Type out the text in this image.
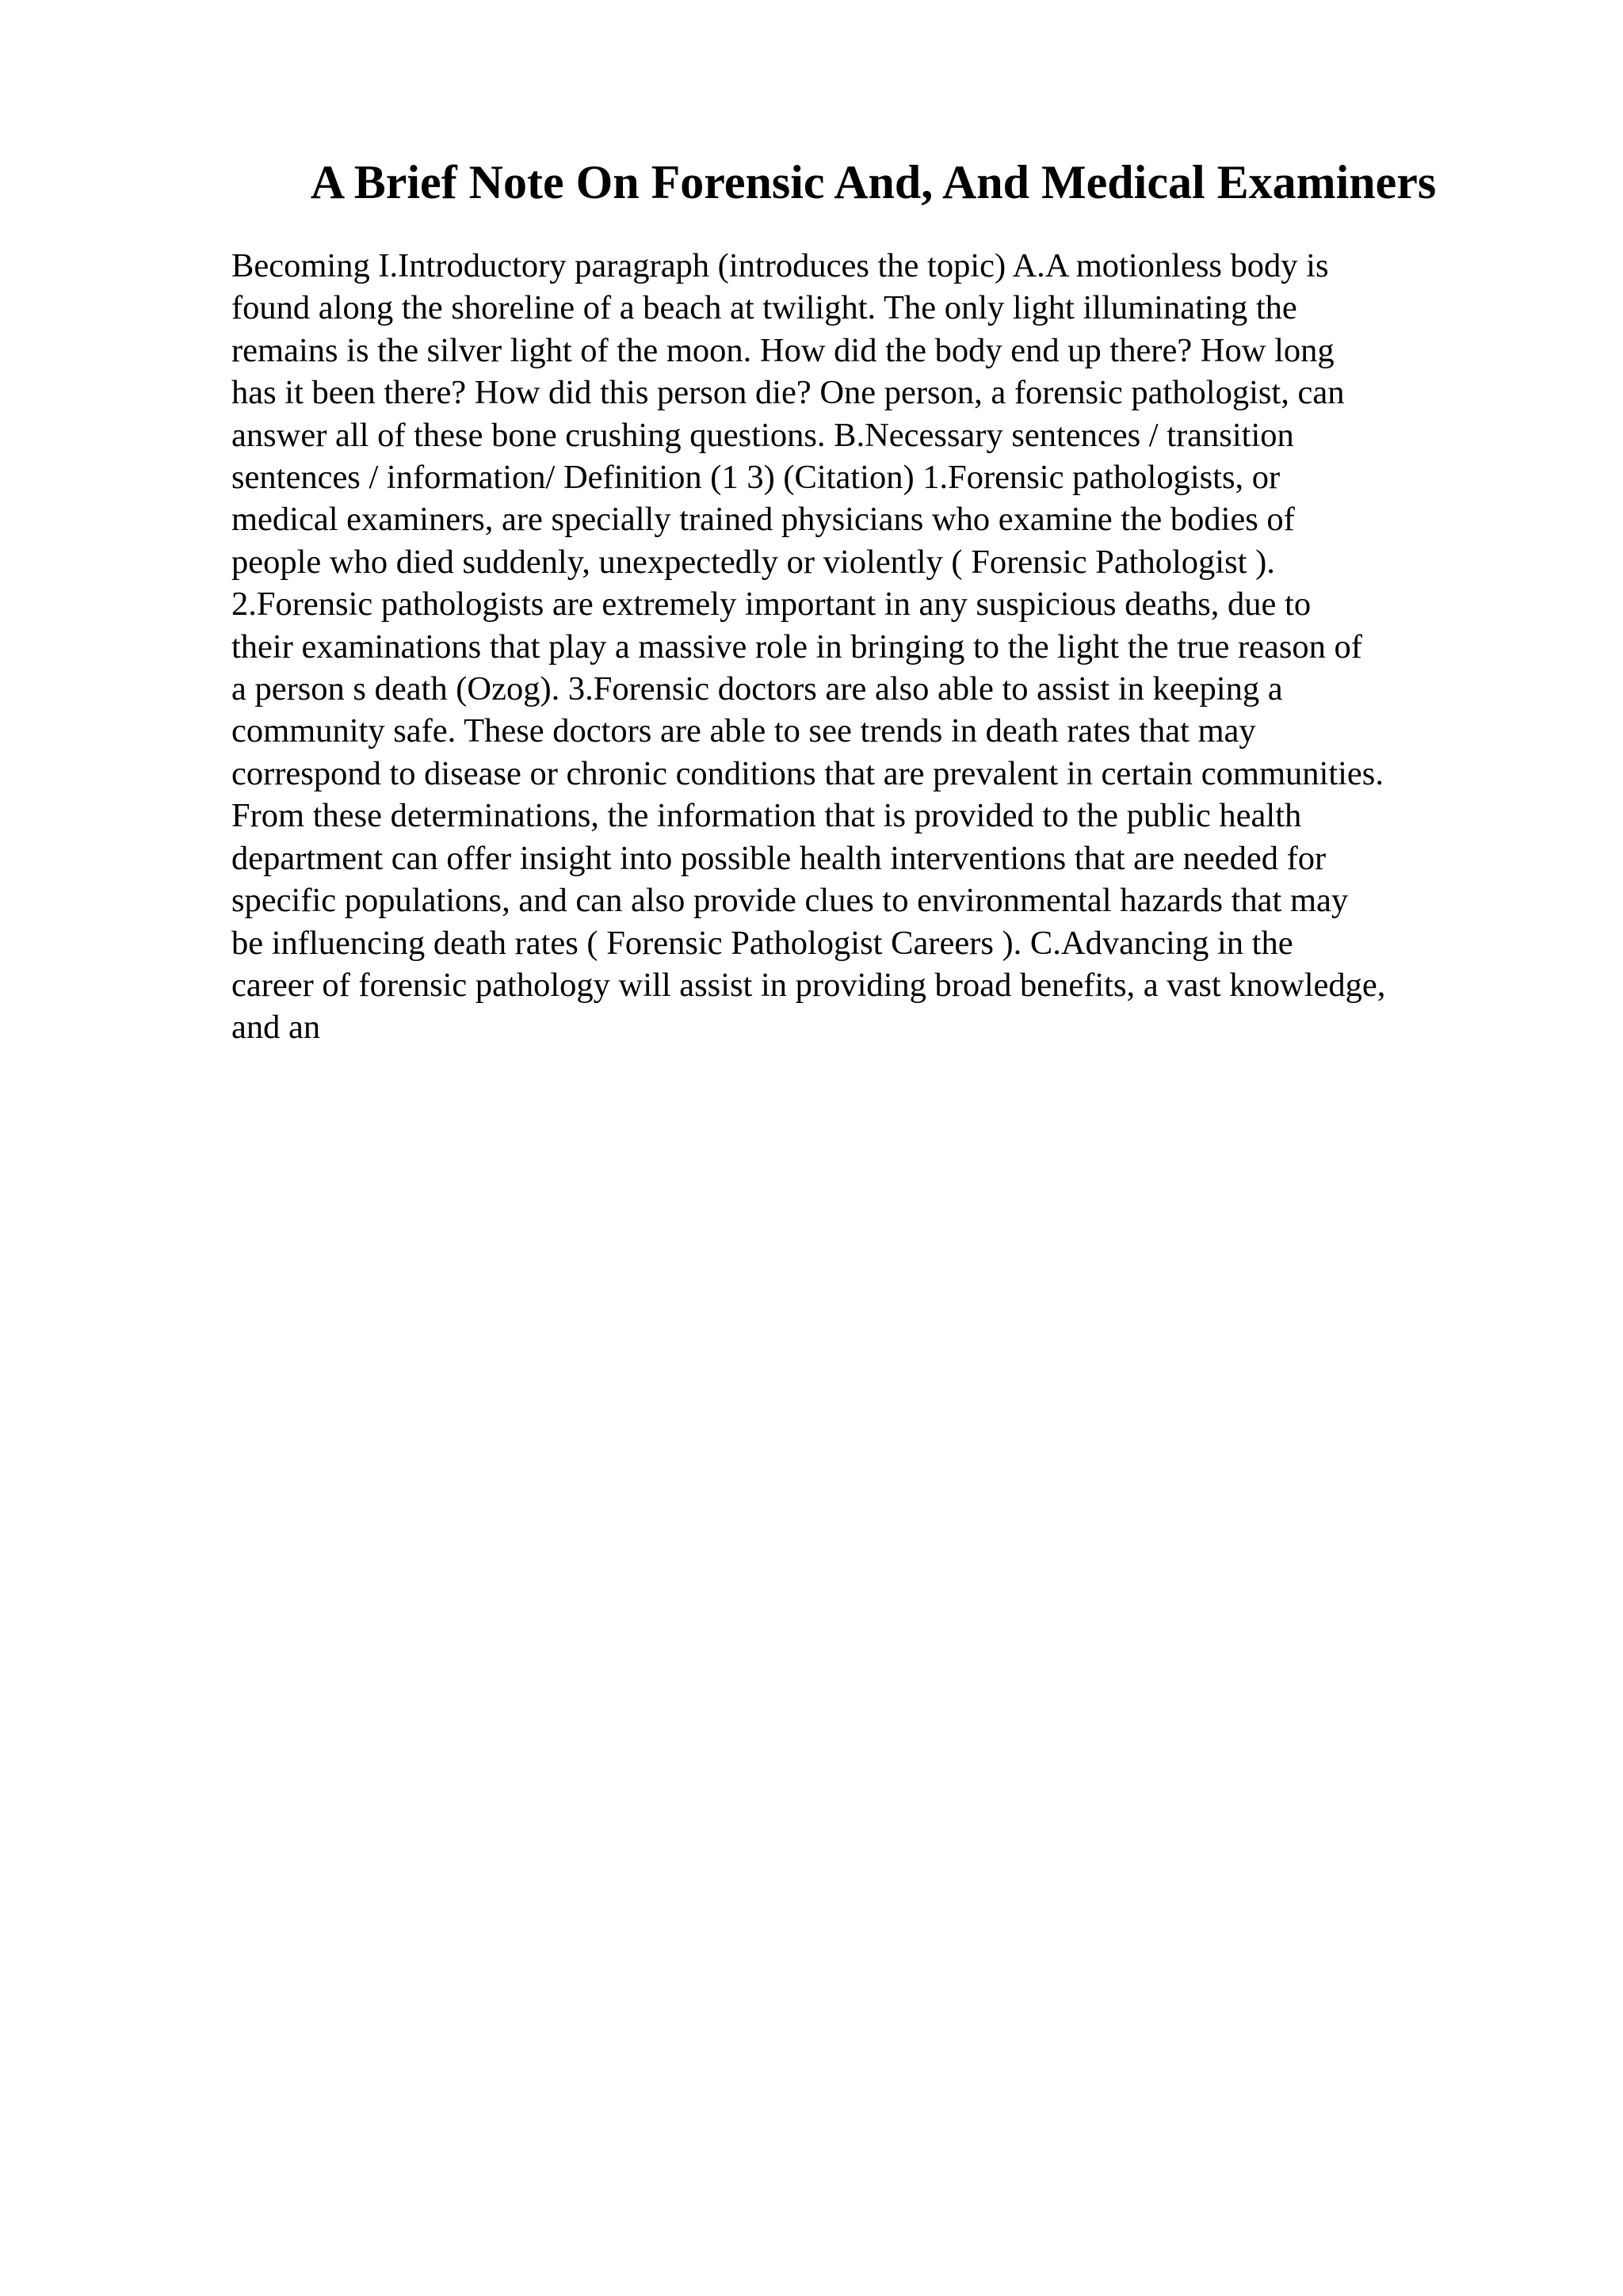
A Brief Note On Forensic And, And Medical Examiners
Becoming I.Introductory paragraph (introduces the topic) A.A motionless body is
found along the shoreline of a beach at twilight. The only light illuminating the
remains is the silver light of the moon. How did the body end up there? How long
has it been there? How did this person die? One person, a forensic pathologist, can
answer all of these bone crushing questions. B.Necessary sentences / transition
sentences / information/ Definition (1 3) (Citation) 1.Forensic pathologists, or
medical examiners, are specially trained physicians who examine the bodies of
people who died suddenly, unexpectedly or violently ( Forensic Pathologist ).
2.Forensic pathologists are extremely important in any suspicious deaths, due to
their examinations that play a massive role in bringing to the light the true reason of
a person s death (Ozog). 3.Forensic doctors are also able to assist in keeping a
community safe. These doctors are able to see trends in death rates that may
correspond to disease or chronic conditions that are prevalent in certain communities.
From these determinations, the information that is provided to the public health
department can offer insight into possible health interventions that are needed for
specific populations, and can also provide clues to environmental hazards that may
be influencing death rates ( Forensic Pathologist Careers ). C.Advancing in the
career of forensic pathology will assist in providing broad benefits, a vast knowledge,
and an
